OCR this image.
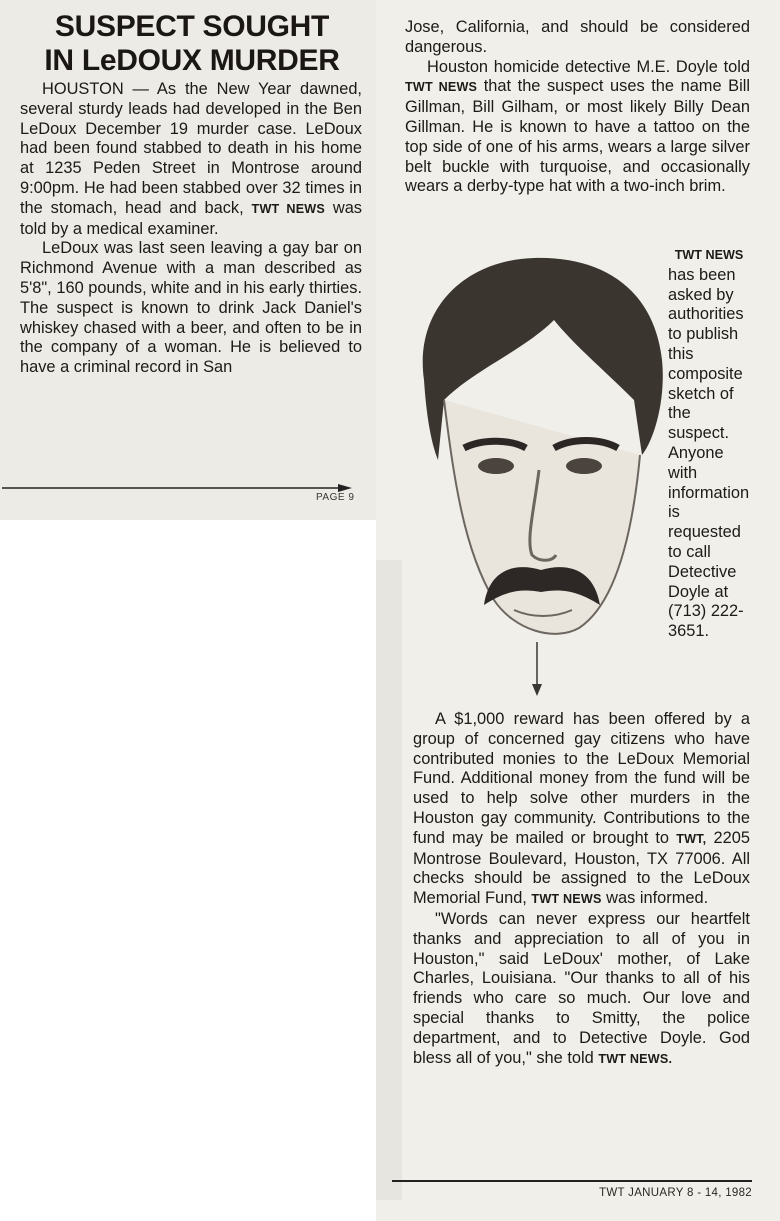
SUSPECT SOUGHT
IN LeDOUX MURDER

HOUSTON — As the New Year dawned, several sturdy leads had developed in the Ben LeDoux December 19 murder case. LeDoux had been found stabbed to death in his home at 1235 Peden Street in Montrose around 9:00pm. He had been stabbed over 32 times in the stomach, head and back, TWT NEWS was told by a medical examiner.

LeDoux was last seen leaving a gay bar on Richmond Avenue with a man described as 5'8", 160 pounds, white and in his early thirties. The suspect is known to drink Jack Daniel's whiskey chased with a beer, and often to be in the company of a woman. He is believed to have a criminal record in San

PAGE 9

Jose, California, and should be considered dangerous.

Houston homicide detective M.E. Doyle told TWT NEWS that the suspect uses the name Bill Gillman, Bill Gilham, or most likely Billy Dean Gillman. He is known to have a tattoo on the top side of one of his arms, wears a large silver belt buckle with turquoise, and occasionally wears a derby-type hat with a two-inch brim.

TWT NEWS
has been asked by authorities to publish this composite sketch of the suspect. Anyone with information is requested to call Detective Doyle at (713) 222-3651.

A $1,000 reward has been offered by a group of concerned gay citizens who have contributed monies to the LeDoux Memorial Fund. Additional money from the fund will be used to help solve other murders in the Houston gay community. Contributions to the fund may be mailed or brought to TWT, 2205 Montrose Boulevard, Houston, TX 77006. All checks should be assigned to the LeDoux Memorial Fund, TWT NEWS was informed.

"Words can never express our heartfelt thanks and appreciation to all of you in Houston," said LeDoux' mother, of Lake Charles, Louisiana. "Our thanks to all of his friends who care so much. Our love and special thanks to Smitty, the police department, and to Detective Doyle. God bless all of you," she told TWT NEWS.

TWT JANUARY 8 - 14, 1982
